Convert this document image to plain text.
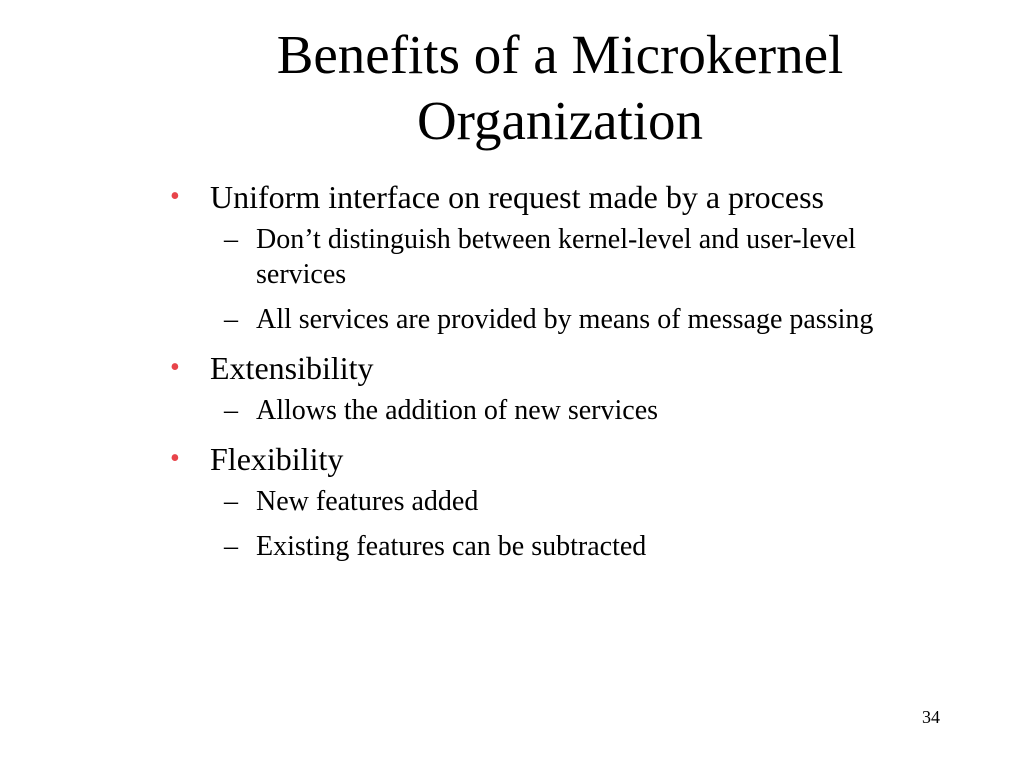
Benefits of a Microkernel Organization
• Uniform interface on request made by a process
– Don’t distinguish between kernel-level and user-level services
– All services are provided by means of message passing
• Extensibility
– Allows the addition of new services
• Flexibility
– New features added
– Existing features can be subtracted
34
